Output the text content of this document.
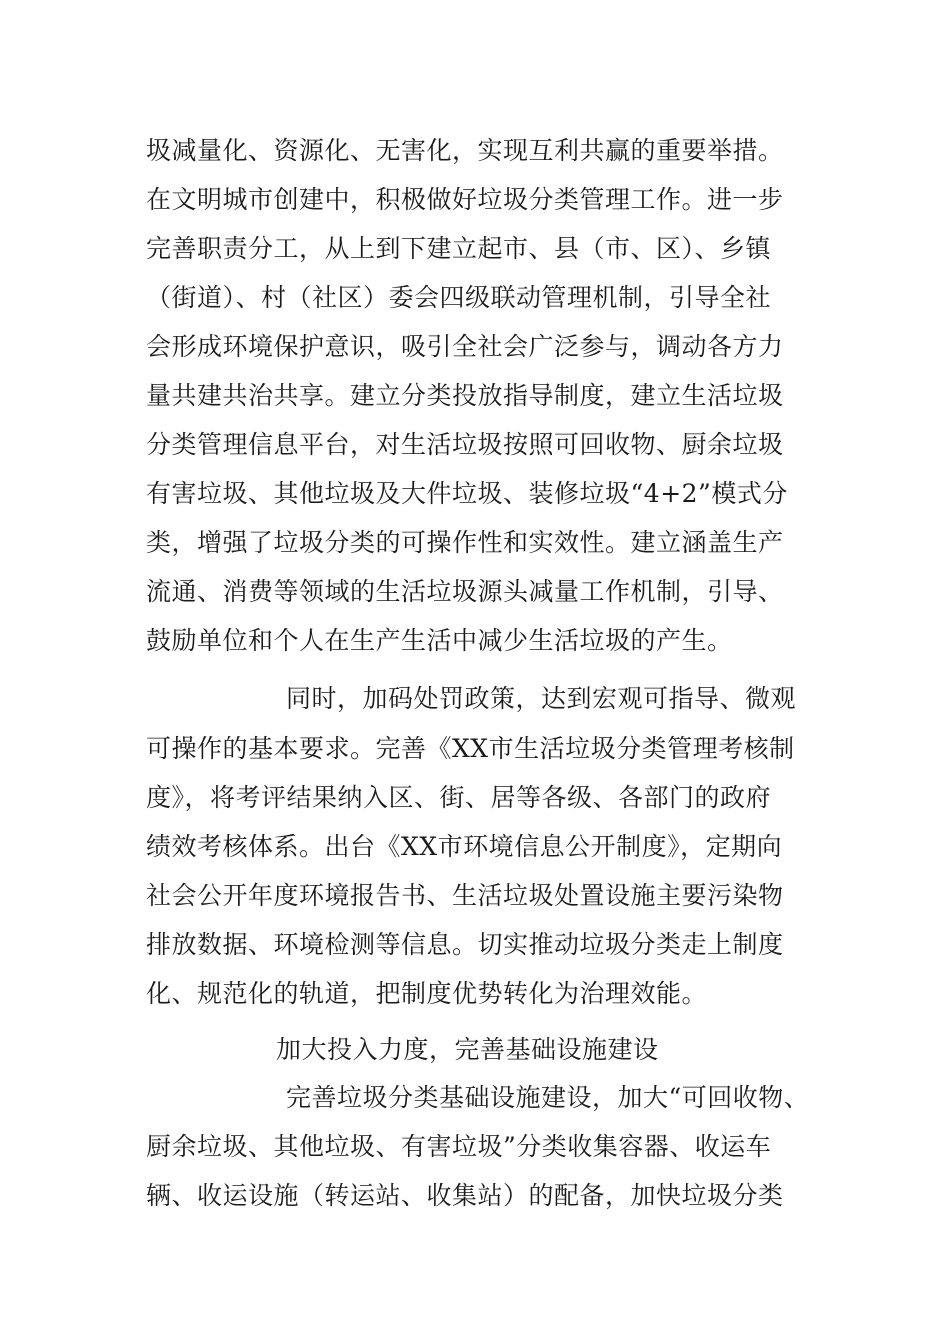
圾减量化、资源化、无害化，实现互利共赢的重要举措。
在文明城市创建中，积极做好垃圾分类管理工作。进一步
完善职责分工，从上到下建立起市、县（市、区）、乡镇
（街道）、村（社区）委会四级联动管理机制，引导全社
会形成环境保护意识，吸引全社会广泛参与，调动各方力
量共建共治共享。建立分类投放指导制度，建立生活垃圾
分类管理信息平台，对生活垃圾按照可回收物、厨余垃圾
有害垃圾、其他垃圾及大件垃圾、装修垃圾“4+2”模式分
类，增强了垃圾分类的可操作性和实效性。建立涵盖生产
流通、消费等领域的生活垃圾源头减量工作机制，引导、
鼓励单位和个人在生产生活中减少生活垃圾的产生。
同时，加码处罚政策，达到宏观可指导、微观
可操作的基本要求。完善《XX市生活垃圾分类管理考核制
度》，将考评结果纳入区、街、居等各级、各部门的政府
绩效考核体系。出台《XX市环境信息公开制度》，定期向
社会公开年度环境报告书、生活垃圾处置设施主要污染物
排放数据、环境检测等信息。切实推动垃圾分类走上制度
化、规范化的轨道，把制度优势转化为治理效能。
加大投入力度，完善基础设施建设
完善垃圾分类基础设施建设，加大“可回收物、
厨余垃圾、其他垃圾、有害垃圾”分类收集容器、收运车
辆、收运设施（转运站、收集站）的配备，加快垃圾分类
